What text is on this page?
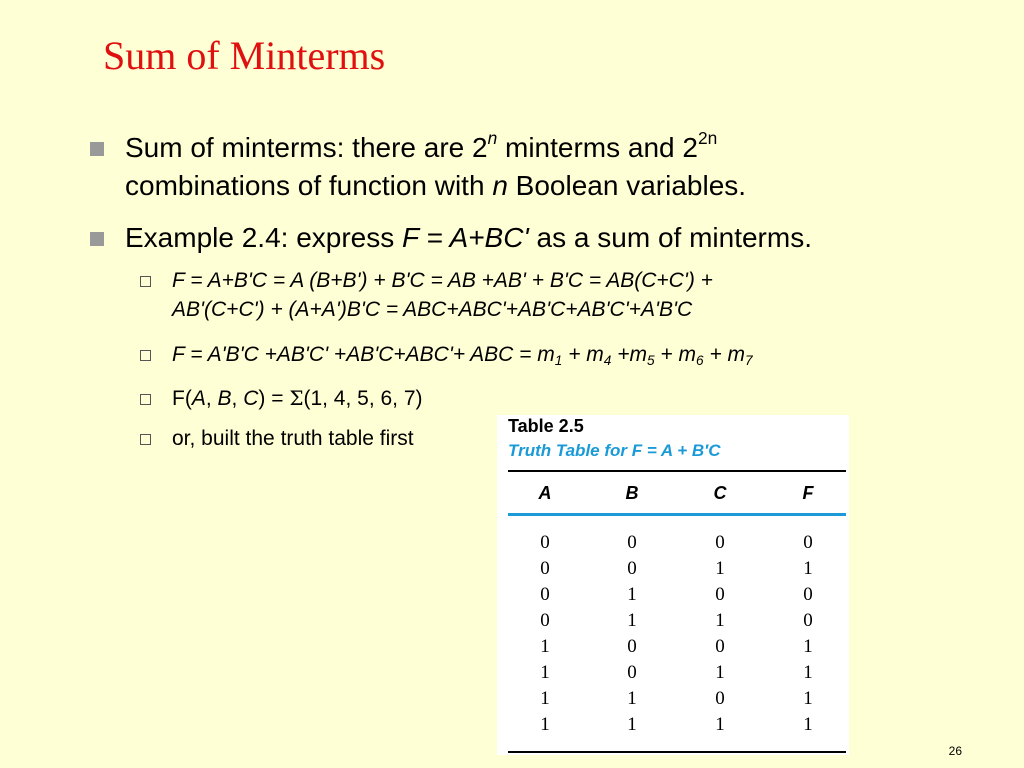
Sum of Minterms
Sum of minterms: there are 2$^n$ minterms and $2^{2n}$
combinations of function with n Boolean variables.
Example 2.4: express F = A+BC' as a sum of minterms.
F = A+B'C = A (B+B') + B'C = AB +AB' + B'C = AB(C+C') +
AB'(C+C') + (A+A')B'C = ABC+ABC'+AB'C+AB'C'+A'B'C
F = A'B'C +AB'C' +AB'C+ABC'+ ABC = $m_1 + m_4 +m_5 + m_6 + m_7$
F(A, B, C) = Σ(1, 4, 5, 6, 7)
or, built the truth table first
Table 2.5
Truth Table for F = A + B′C
A	B	C	F
0	0	0	0
0	0	1	1
0	1	0	0
0	1	1	0
1	0	0	1
1	0	1	1
1	1	0	1
1	1	1	1
26
